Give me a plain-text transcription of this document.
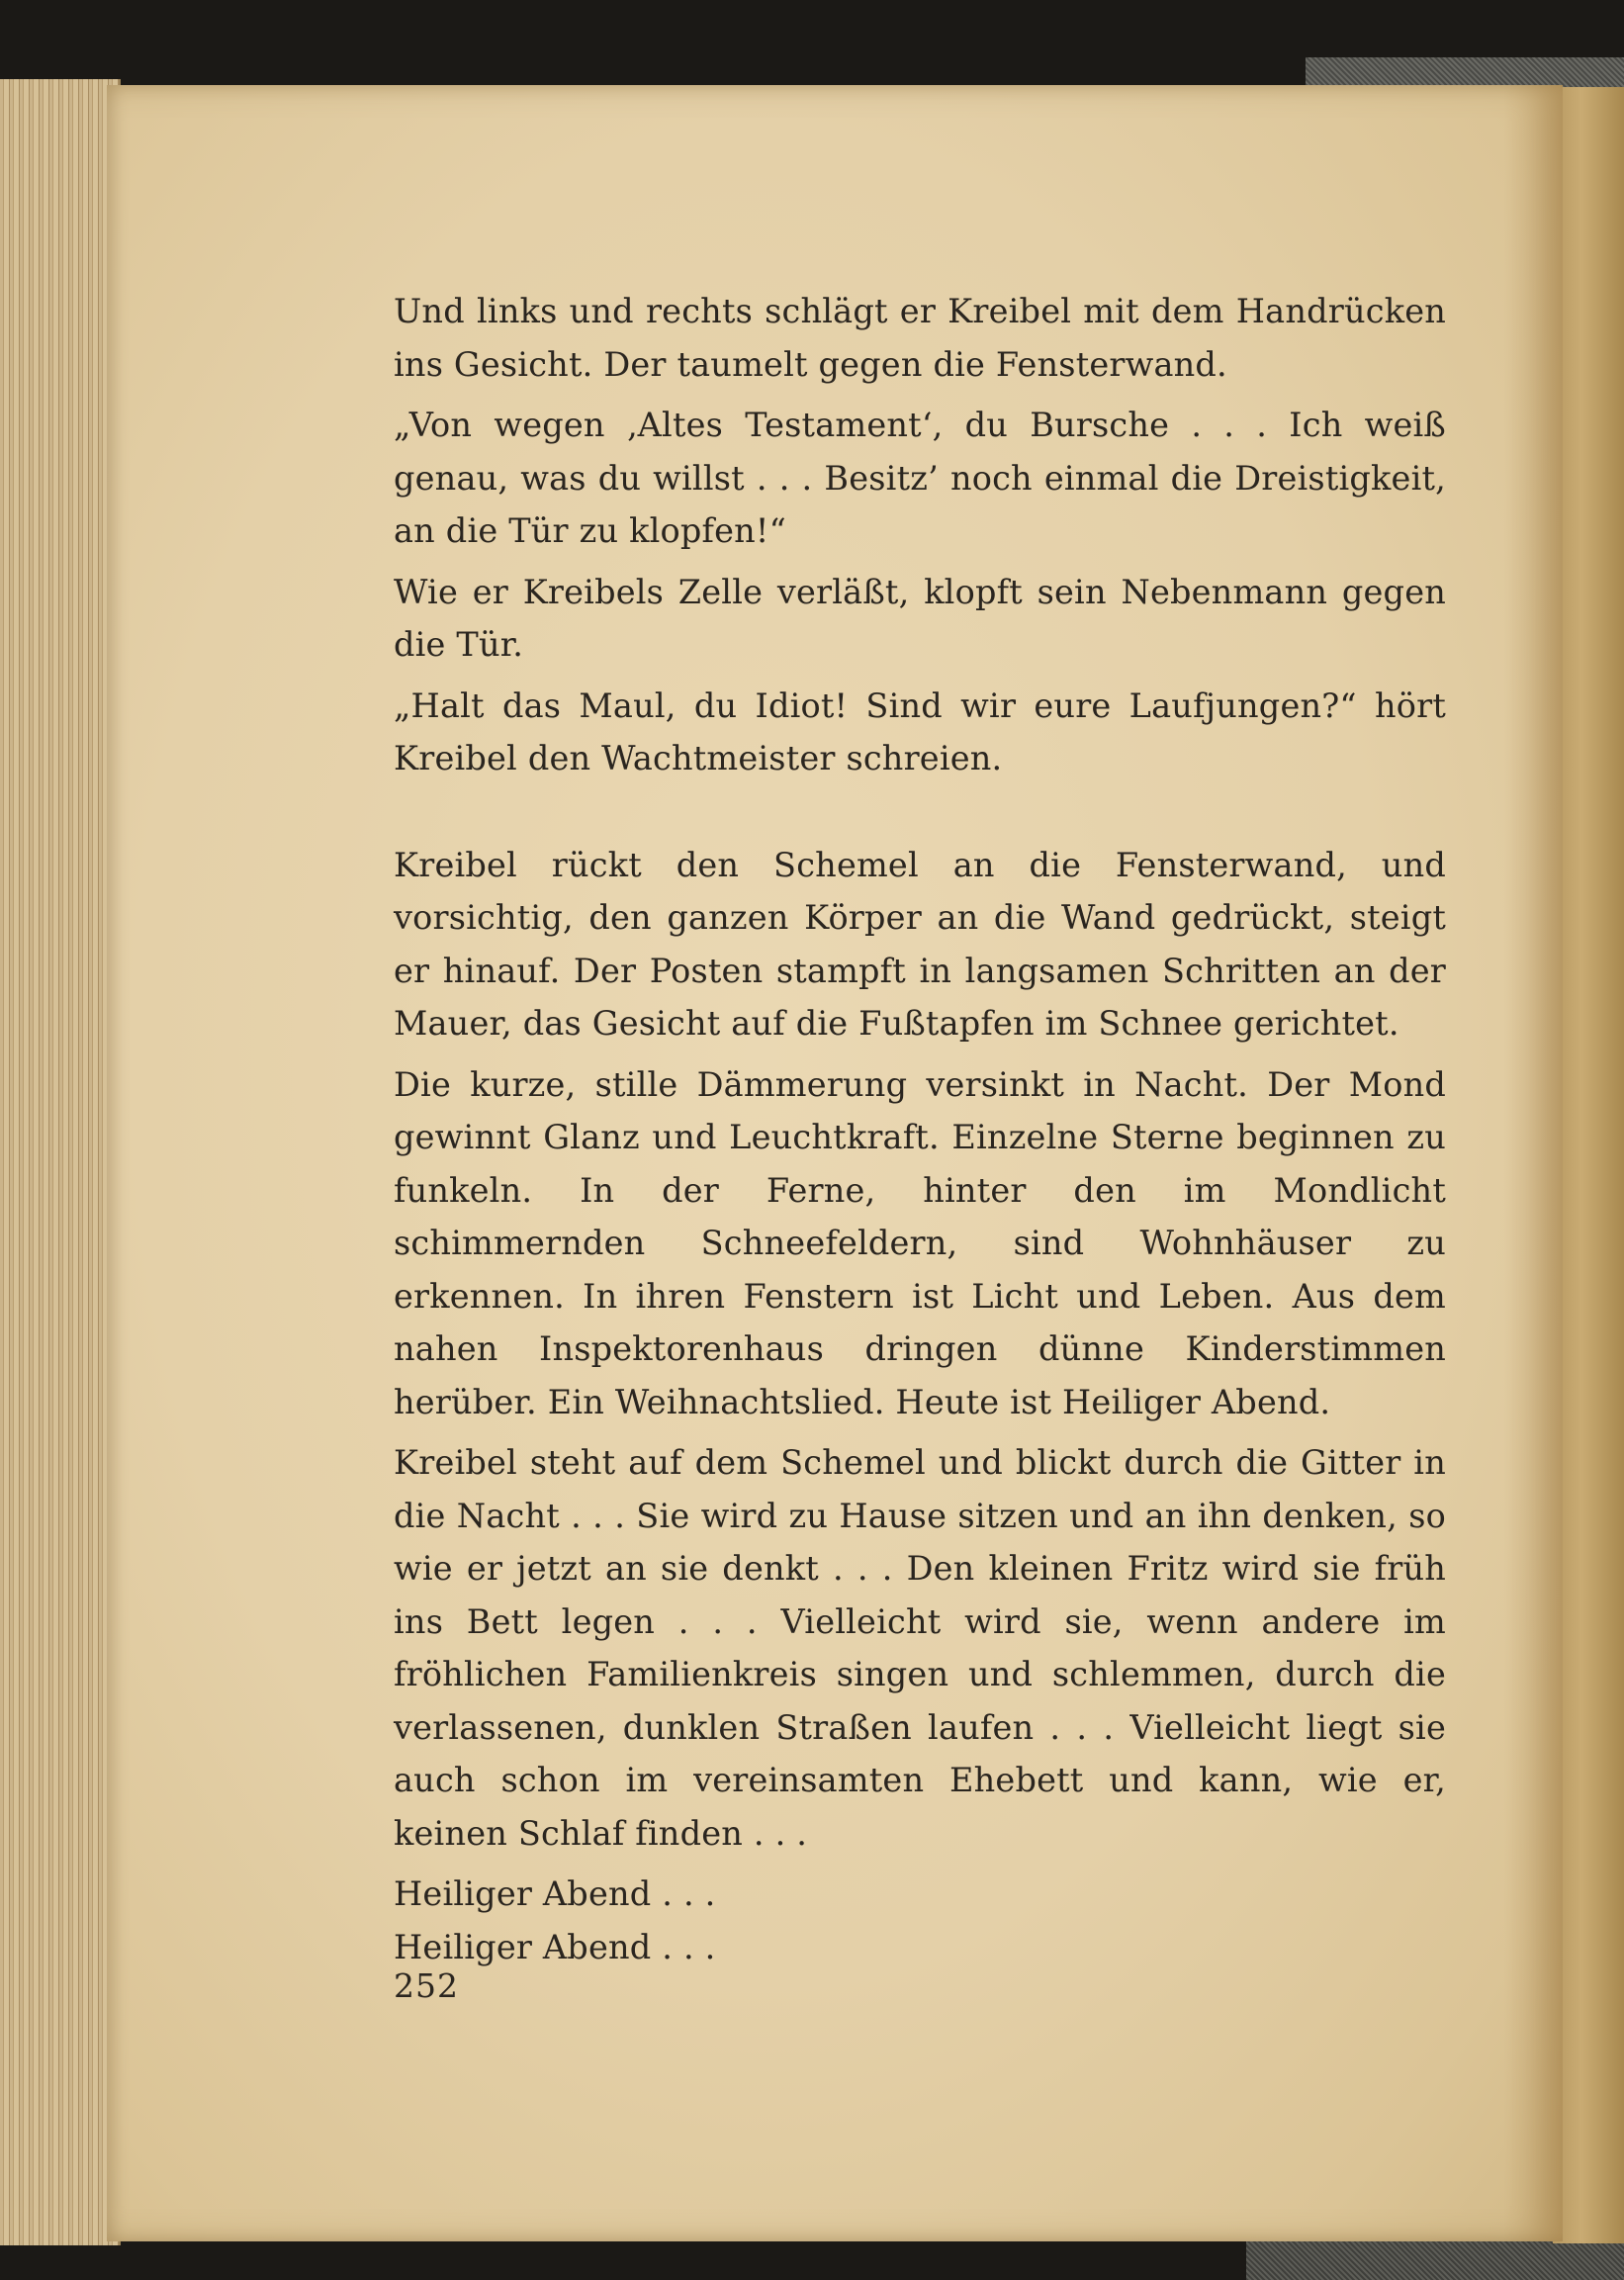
Und links und rechts schlägt er Kreibel mit dem Handrücken ins Gesicht. Der taumelt gegen die Fensterwand.

„Von wegen ‚Altes Testament‘, du Bursche . . . Ich weiß genau, was du willst . . . Besitz’ noch einmal die Dreistigkeit, an die Tür zu klopfen!“

Wie er Kreibels Zelle verläßt, klopft sein Nebenmann gegen die Tür.

„Halt das Maul, du Idiot! Sind wir eure Laufjungen?“ hört Kreibel den Wachtmeister schreien.

Kreibel rückt den Schemel an die Fensterwand, und vorsichtig, den ganzen Körper an die Wand gedrückt, steigt er hinauf. Der Posten stampft in langsamen Schritten an der Mauer, das Gesicht auf die Fußtapfen im Schnee gerichtet.

Die kurze, stille Dämmerung versinkt in Nacht. Der Mond gewinnt Glanz und Leuchtkraft. Einzelne Sterne beginnen zu funkeln. In der Ferne, hinter den im Mondlicht schimmernden Schneefeldern, sind Wohnhäuser zu erkennen. In ihren Fenstern ist Licht und Leben. Aus dem nahen Inspektorenhaus dringen dünne Kinderstimmen herüber. Ein Weihnachtslied. Heute ist Heiliger Abend.

Kreibel steht auf dem Schemel und blickt durch die Gitter in die Nacht . . . Sie wird zu Hause sitzen und an ihn denken, so wie er jetzt an sie denkt . . . Den kleinen Fritz wird sie früh ins Bett legen . . . Vielleicht wird sie, wenn andere im fröhlichen Familienkreis singen und schlemmen, durch die verlassenen, dunklen Straßen laufen . . . Vielleicht liegt sie auch schon im vereinsamten Ehebett und kann, wie er, keinen Schlaf finden . . .

Heiliger Abend . . .

Heiliger Abend . . .

252
